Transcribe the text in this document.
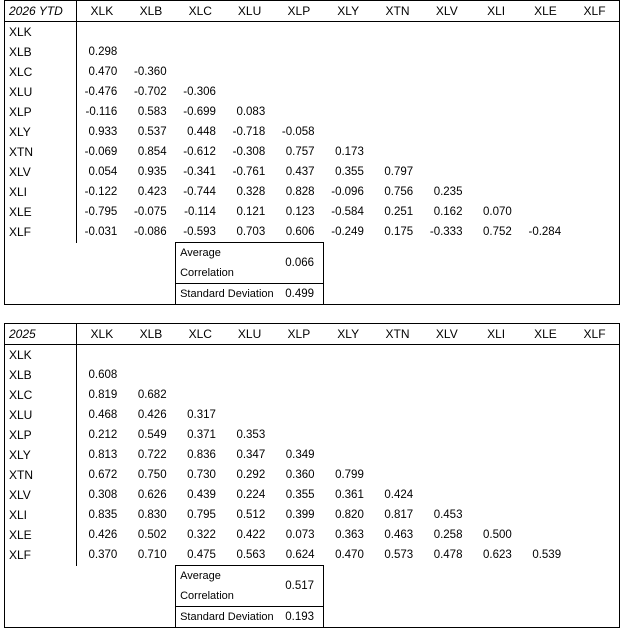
2026 YTD	XLK	XLB	XLC	XLU	XLP	XLY	XTN	XLV	XLI	XLE	XLF
XLK											
XLB	0.298										
XLC	0.470	-0.360									
XLU	-0.476	-0.702	-0.306								
XLP	-0.116	0.583	-0.699	0.083							
XLY	0.933	0.537	0.448	-0.718	-0.058						
XTN	-0.069	0.854	-0.612	-0.308	0.757	0.173					
XLV	0.054	0.935	-0.341	-0.761	0.437	0.355	0.797				
XLI	-0.122	0.423	-0.744	0.328	0.828	-0.096	0.756	0.235			
XLE	-0.795	-0.075	-0.114	0.121	0.123	-0.584	0.251	0.162	0.070		
XLF	-0.031	-0.086	-0.593	0.703	0.606	-0.249	0.175	-0.333	0.752	-0.284	
			Average Correlation		0.066						
			Standard Deviation		0.499						
2025	XLK	XLB	XLC	XLU	XLP	XLY	XTN	XLV	XLI	XLE	XLF
XLK											
XLB	0.608										
XLC	0.819	0.682									
XLU	0.468	0.426	0.317								
XLP	0.212	0.549	0.371	0.353							
XLY	0.813	0.722	0.836	0.347	0.349						
XTN	0.672	0.750	0.730	0.292	0.360	0.799					
XLV	0.308	0.626	0.439	0.224	0.355	0.361	0.424				
XLI	0.835	0.830	0.795	0.512	0.399	0.820	0.817	0.453			
XLE	0.426	0.502	0.322	0.422	0.073	0.363	0.463	0.258	0.500		
XLF	0.370	0.710	0.475	0.563	0.624	0.470	0.573	0.478	0.623	0.539	
			Average Correlation		0.517						
			Standard Deviation		0.193						
